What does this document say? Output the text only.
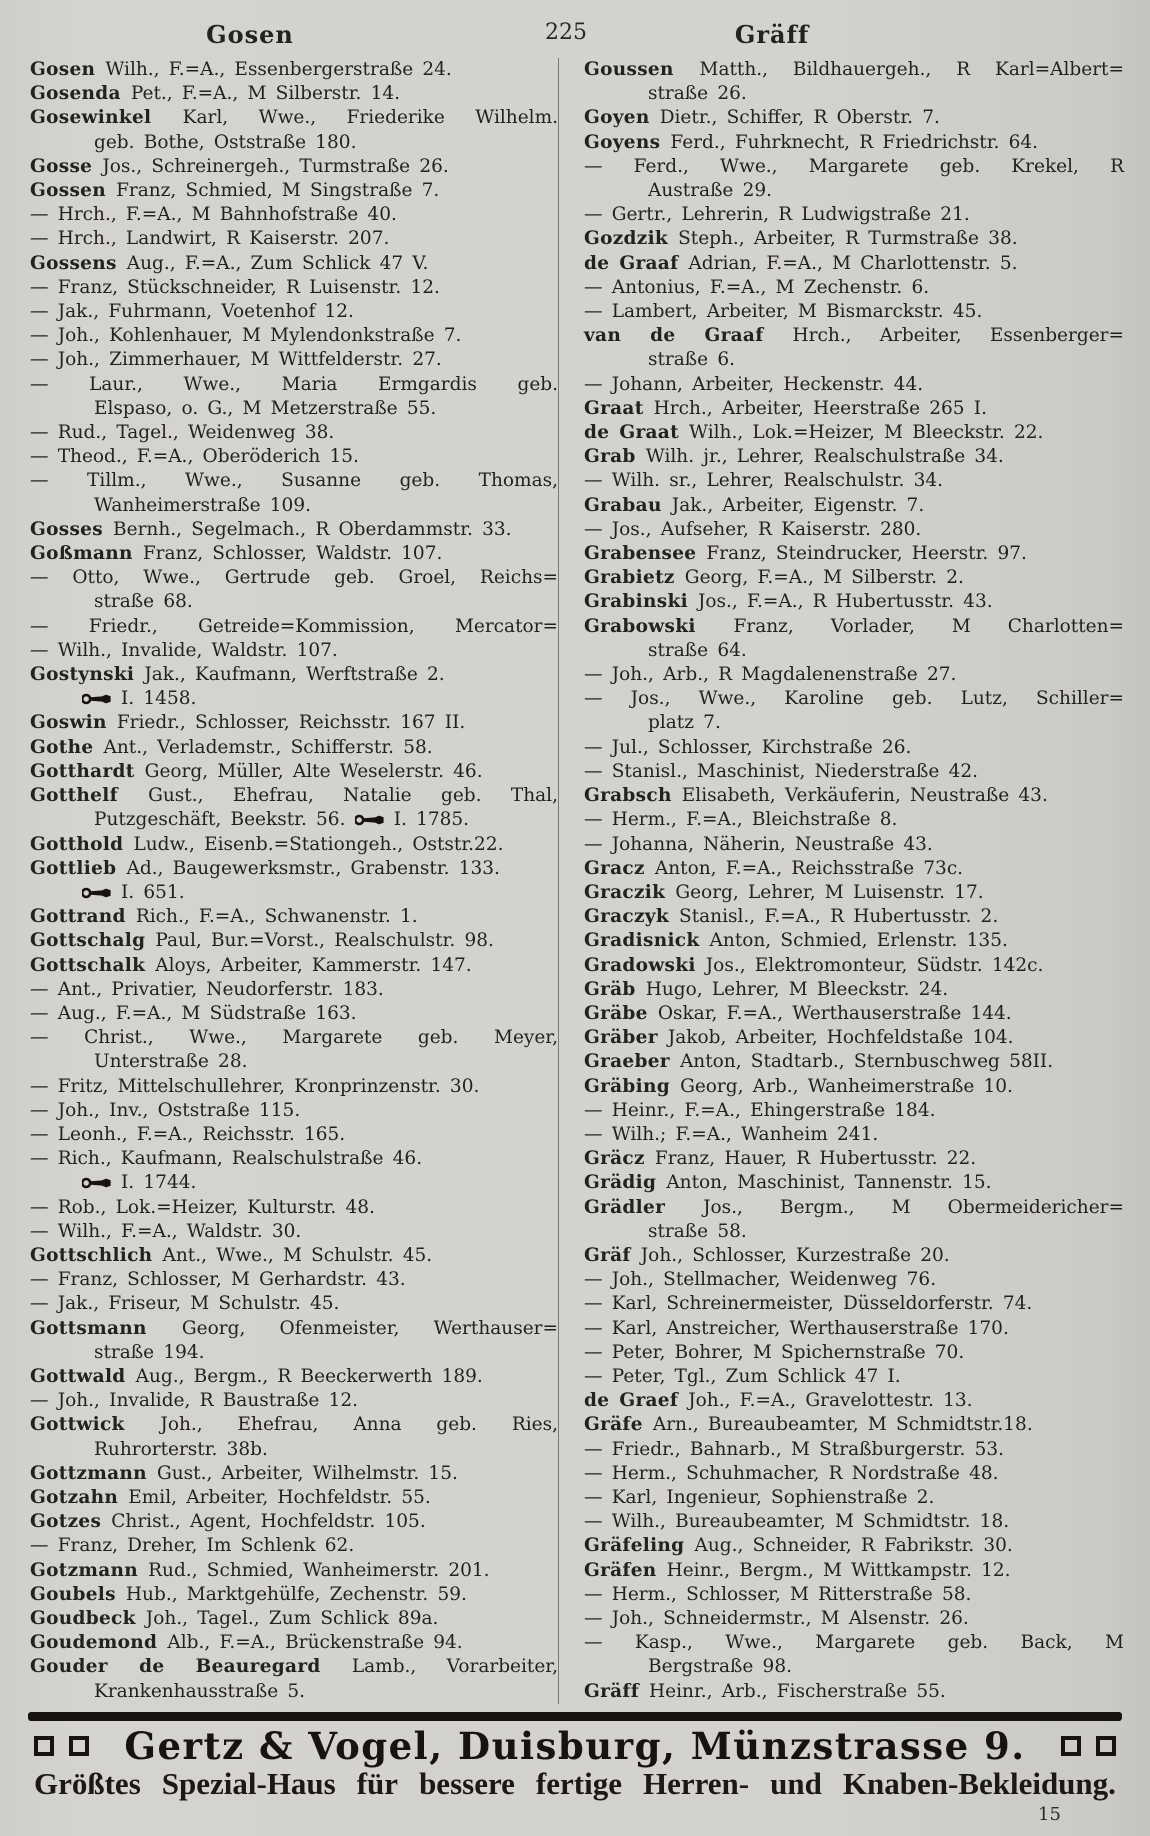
Gosen	225	Gräff
Gosen Wilh., F.=A., Essenbergerstraße 24.
Gosenda Pet., F.=A., M Silberstr. 14.
Gosewinkel Karl, Wwe., Friederike Wilhelm.
geb. Bothe, Oststraße 180.
Gosse Jos., Schreinergeh., Turmstraße 26.
Gossen Franz, Schmied, M Singstraße 7.
— Hrch., F.=A., M Bahnhofstraße 40.
— Hrch., Landwirt, R Kaiserstr. 207.
Gossens Aug., F.=A., Zum Schlick 47 V.
— Franz, Stückschneider, R Luisenstr. 12.
— Jak., Fuhrmann, Voetenhof 12.
— Joh., Kohlenhauer, M Mylendonkstraße 7.
— Joh., Zimmerhauer, M Wittfelderstr. 27.
— Laur., Wwe., Maria Ermgardis geb.
Elspaso, o. G., M Metzerstraße 55.
— Rud., Tagel., Weidenweg 38.
— Theod., F.=A., Oberöderich 15.
— Tillm., Wwe., Susanne geb. Thomas,
Wanheimerstraße 109.
Gosses Bernh., Segelmach., R Oberdammstr. 33.
Goßmann Franz, Schlosser, Waldstr. 107.
— Otto, Wwe., Gertrude geb. Groel, Reichs=
straße 68.
— Friedr., Getreide=Kommission, Mercator=
— Wilh., Invalide, Waldstr. 107.
Gostynski Jak., Kaufmann, Werftstraße 2.
I. 1458.
Goswin Friedr., Schlosser, Reichsstr. 167 II.
Gothe Ant., Verlademstr., Schifferstr. 58.
Gotthardt Georg, Müller, Alte Weselerstr. 46.
Gotthelf Gust., Ehefrau, Natalie geb. Thal,
Putzgeschäft, Beekstr. 56.	I. 1785.
Gotthold Ludw., Eisenb.=Stationgeh., Oststr.22.
Gottlieb Ad., Baugewerksmstr., Grabenstr. 133.
I. 651.
Gottrand Rich., F.=A., Schwanenstr. 1.
Gottschalg Paul, Bur.=Vorst., Realschulstr. 98.
Gottschalk Aloys, Arbeiter, Kammerstr. 147.
— Ant., Privatier, Neudorferstr. 183.
— Aug., F.=A., M Südstraße 163.
— Christ., Wwe., Margarete geb. Meyer,
Unterstraße 28.
— Fritz, Mittelschullehrer, Kronprinzenstr. 30.
— Joh., Inv., Oststraße 115.
— Leonh., F.=A., Reichsstr. 165.
— Rich., Kaufmann, Realschulstraße 46.
I. 1744.
— Rob., Lok.=Heizer, Kulturstr. 48.
— Wilh., F.=A., Waldstr. 30.
Gottschlich Ant., Wwe., M Schulstr. 45.
— Franz, Schlosser, M Gerhardstr. 43.
— Jak., Friseur, M Schulstr. 45.
Gottsmann Georg, Ofenmeister, Werthauser=
straße 194.
Gottwald Aug., Bergm., R Beeckerwerth 189.
— Joh., Invalide, R Baustraße 12.
Gottwick Joh., Ehefrau, Anna geb. Ries,
Ruhrorterstr. 38b.
Gottzmann Gust., Arbeiter, Wilhelmstr. 15.
Gotzahn Emil, Arbeiter, Hochfeldstr. 55.
Gotzes Christ., Agent, Hochfeldstr. 105.
— Franz, Dreher, Im Schlenk 62.
Gotzmann Rud., Schmied, Wanheimerstr. 201.
Goubels Hub., Marktgehülfe, Zechenstr. 59.
Goudbeck Joh., Tagel., Zum Schlick 89a.
Goudemond Alb., F.=A., Brückenstraße 94.
Gouder de Beauregard Lamb., Vorarbeiter,
Krankenhausstraße 5.
Goussen Matth., Bildhauergeh., R Karl=Albert=
straße 26.
Goyen Dietr., Schiffer, R Oberstr. 7.
Goyens Ferd., Fuhrknecht, R Friedrichstr. 64.
— Ferd., Wwe., Margarete geb. Krekel, R
Austraße 29.
— Gertr., Lehrerin, R Ludwigstraße 21.
Gozdzik Steph., Arbeiter, R Turmstraße 38.
de Graaf Adrian, F.=A., M Charlottenstr. 5.
— Antonius, F.=A., M Zechenstr. 6.
— Lambert, Arbeiter, M Bismarckstr. 45.
van de Graaf Hrch., Arbeiter, Essenberger=
straße 6.
— Johann, Arbeiter, Heckenstr. 44.
Graat Hrch., Arbeiter, Heerstraße 265 I.
de Graat Wilh., Lok.=Heizer, M Bleeckstr. 22.
Grab Wilh. jr., Lehrer, Realschulstraße 34.
— Wilh. sr., Lehrer, Realschulstr. 34.
Grabau Jak., Arbeiter, Eigenstr. 7.
— Jos., Aufseher, R Kaiserstr. 280.
Grabensee Franz, Steindrucker, Heerstr. 97.
Grabietz Georg, F.=A., M Silberstr. 2.
Grabinski Jos., F.=A., R Hubertusstr. 43.
Grabowski Franz, Vorlader, M Charlotten=
straße 64.
— Joh., Arb., R Magdalenenstraße 27.
— Jos., Wwe., Karoline geb. Lutz, Schiller=
platz 7.
— Jul., Schlosser, Kirchstraße 26.
— Stanisl., Maschinist, Niederstraße 42.
Grabsch Elisabeth, Verkäuferin, Neustraße 43.
— Herm., F.=A., Bleichstraße 8.
— Johanna, Näherin, Neustraße 43.
Gracz Anton, F.=A., Reichsstraße 73c.
Graczik Georg, Lehrer, M Luisenstr. 17.
Graczyk Stanisl., F.=A., R Hubertusstr. 2.
Gradisnick Anton, Schmied, Erlenstr. 135.
Gradowski Jos., Elektromonteur, Südstr. 142c.
Gräb Hugo, Lehrer, M Bleeckstr. 24.
Gräbe Oskar, F.=A., Werthauserstraße 144.
Gräber Jakob, Arbeiter, Hochfeldstaße 104.
Graeber Anton, Stadtarb., Sternbuschweg 58II.
Gräbing Georg, Arb., Wanheimerstraße 10.
— Heinr., F.=A., Ehingerstraße 184.
— Wilh.; F.=A., Wanheim 241.
Gräcz Franz, Hauer, R Hubertusstr. 22.
Grädig Anton, Maschinist, Tannenstr. 15.
Grädler Jos., Bergm., M Obermeidericher=
straße 58.
Gräf Joh., Schlosser, Kurzestraße 20.
— Joh., Stellmacher, Weidenweg 76.
— Karl, Schreinermeister, Düsseldorferstr. 74.
— Karl, Anstreicher, Werthauserstraße 170.
— Peter, Bohrer, M Spichernstraße 70.
— Peter, Tgl., Zum Schlick 47 I.
de Graef Joh., F.=A., Gravelottestr. 13.
Gräfe Arn., Bureaubeamter, M Schmidtstr.18.
— Friedr., Bahnarb., M Straßburgerstr. 53.
— Herm., Schuhmacher, R Nordstraße 48.
— Karl, Ingenieur, Sophienstraße 2.
— Wilh., Bureaubeamter, M Schmidtstr. 18.
Gräfeling Aug., Schneider, R Fabrikstr. 30.
Gräfen Heinr., Bergm., M Wittkampstr. 12.
— Herm., Schlosser, M Ritterstraße 58.
— Joh., Schneidermstr., M Alsenstr. 26.
— Kasp., Wwe., Margarete geb. Back, M
Bergstraße 98.
Gräff Heinr., Arb., Fischerstraße 55.
Gertz & Vogel, Duisburg, Münzstrasse 9.
Größtes Spezial-Haus für bessere fertige Herren- und Knaben-Bekleidung.
15
